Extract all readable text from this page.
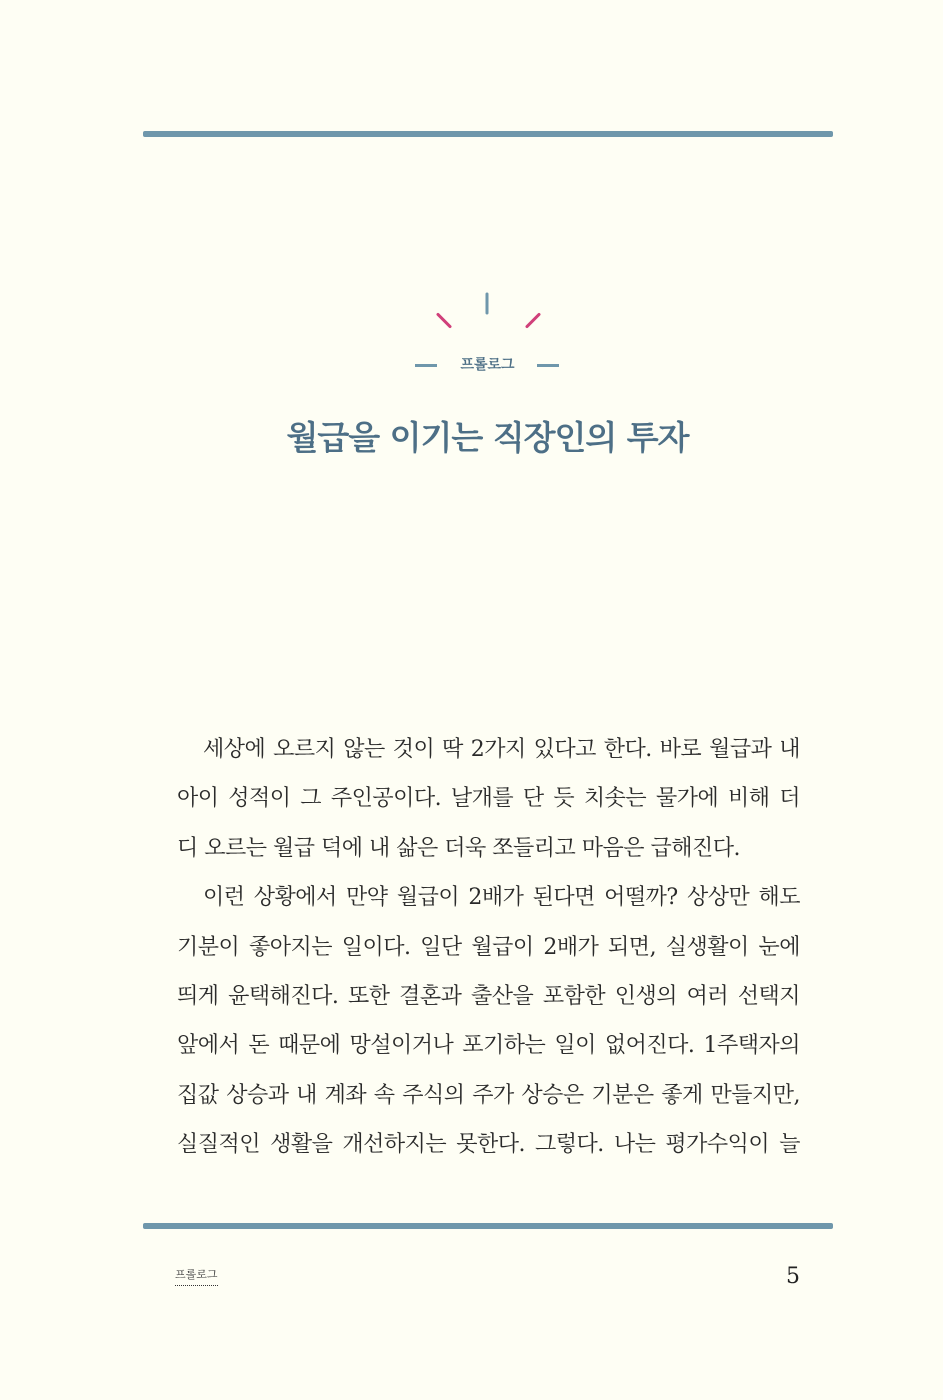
프롤로그
월급을 이기는 직장인의 투자
세상에 오르지 않는 것이 딱 2가지 있다고 한다. 바로 월급과 내
아이 성적이 그 주인공이다. 날개를 단 듯 치솟는 물가에 비해 더
디 오르는 월급 덕에 내 삶은 더욱 쪼들리고 마음은 급해진다.
이런 상황에서 만약 월급이 2배가 된다면 어떨까? 상상만 해도
기분이 좋아지는 일이다. 일단 월급이 2배가 되면, 실생활이 눈에
띄게 윤택해진다. 또한 결혼과 출산을 포함한 인생의 여러 선택지
앞에서 돈 때문에 망설이거나 포기하는 일이 없어진다. 1주택자의
집값 상승과 내 계좌 속 주식의 주가 상승은 기분은 좋게 만들지만,
실질적인 생활을 개선하지는 못한다. 그렇다. 나는 평가수익이 늘
프롤로그	5
